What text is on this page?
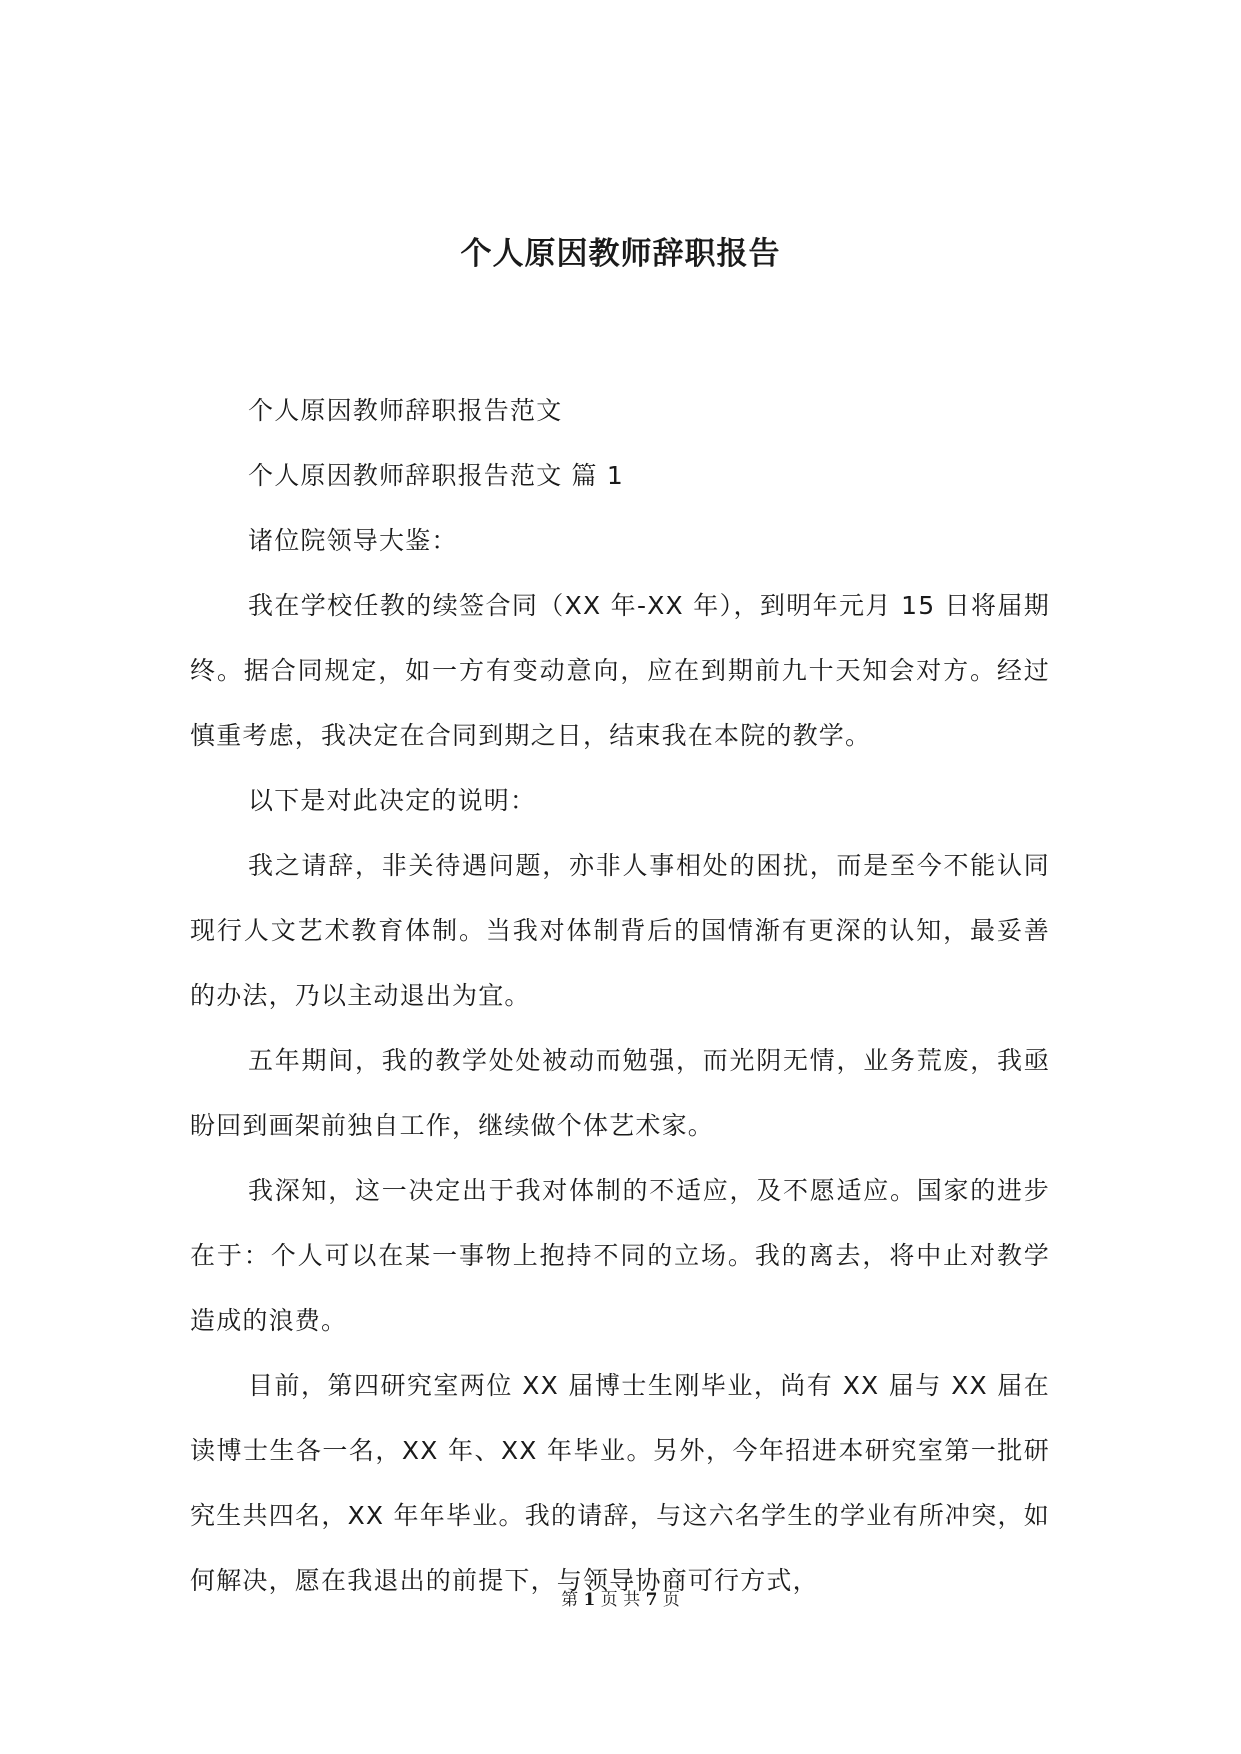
个人原因教师辞职报告

个人原因教师辞职报告范文

个人原因教师辞职报告范文 篇 1

诸位院领导大鉴：

我在学校任教的续签合同（XX 年-XX 年），到明年元月 15 日将届期终。据合同规定，如一方有变动意向，应在到期前九十天知会对方。经过慎重考虑，我决定在合同到期之日，结束我在本院的教学。

以下是对此决定的说明：

我之请辞，非关待遇问题，亦非人事相处的困扰，而是至今不能认同现行人文艺术教育体制。当我对体制背后的国情渐有更深的认知，最妥善的办法，乃以主动退出为宜。

五年期间，我的教学处处被动而勉强，而光阴无情，业务荒废，我亟盼回到画架前独自工作，继续做个体艺术家。

我深知，这一决定出于我对体制的不适应，及不愿适应。国家的进步在于：个人可以在某一事物上抱持不同的立场。我的离去，将中止对教学造成的浪费。

目前，第四研究室两位 XX 届博士生刚毕业，尚有 XX 届与 XX 届在读博士生各一名，XX 年、XX 年毕业。另外，今年招进本研究室第一批研究生共四名，XX 年年毕业。我的请辞，与这六名学生的学业有所冲突，如何解决，愿在我退出的前提下，与领导协商可行方式，

第 1 页 共 7 页
